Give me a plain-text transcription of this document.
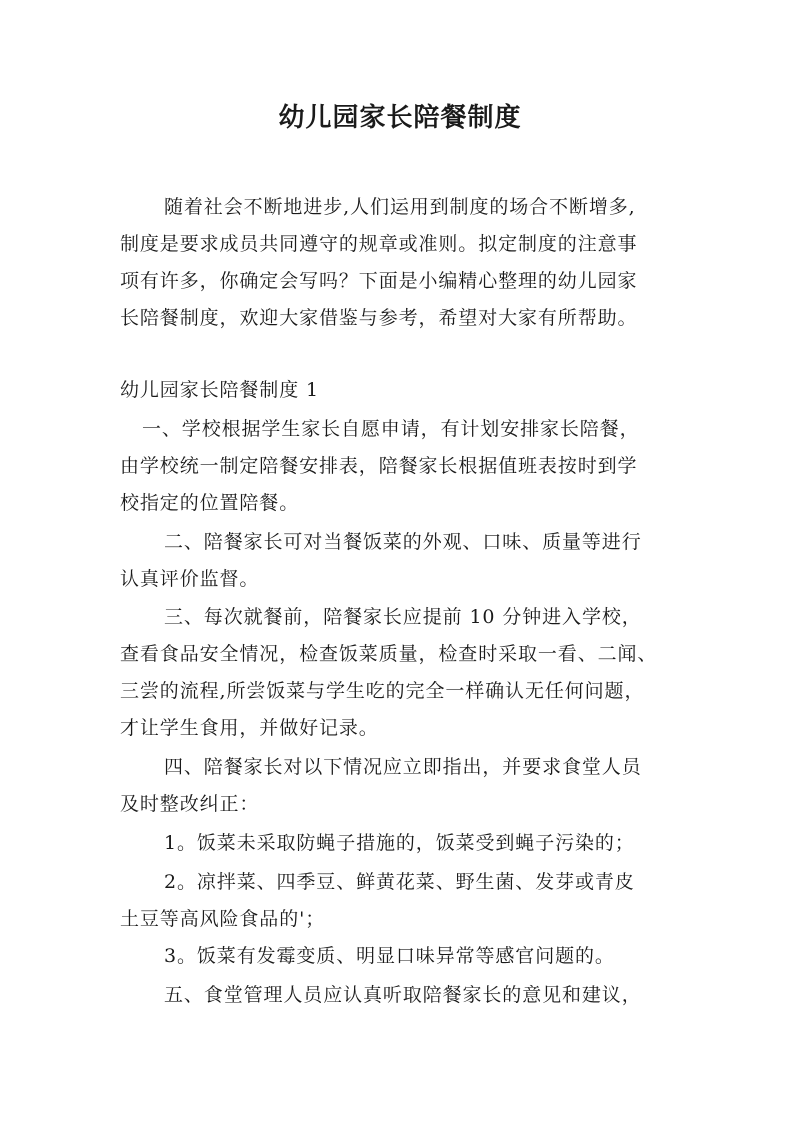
幼儿园家长陪餐制度
随着社会不断地进步,人们运用到制度的场合不断增多,
制度是要求成员共同遵守的规章或准则。拟定制度的注意事
项有许多，你确定会写吗？下面是小编精心整理的幼儿园家
长陪餐制度，欢迎大家借鉴与参考，希望对大家有所帮助。
幼儿园家长陪餐制度 1
一、学校根据学生家长自愿申请，有计划安排家长陪餐，
由学校统一制定陪餐安排表，陪餐家长根据值班表按时到学
校指定的位置陪餐。
二、陪餐家长可对当餐饭菜的外观、口味、质量等进行
认真评价监督。
三、每次就餐前，陪餐家长应提前 10 分钟进入学校，
查看食品安全情况，检查饭菜质量，检查时采取一看、二闻、
三尝的流程,所尝饭菜与学生吃的完全一样确认无任何问题，
才让学生食用，并做好记录。
四、陪餐家长对以下情况应立即指出，并要求食堂人员
及时整改纠正：
1。饭菜未采取防蝇子措施的，饭菜受到蝇子污染的；
2。凉拌菜、四季豆、鲜黄花菜、野生菌、发芽或青皮
土豆等高风险食品的'；
3。饭菜有发霉变质、明显口味异常等感官问题的。
五、食堂管理人员应认真听取陪餐家长的意见和建议，
